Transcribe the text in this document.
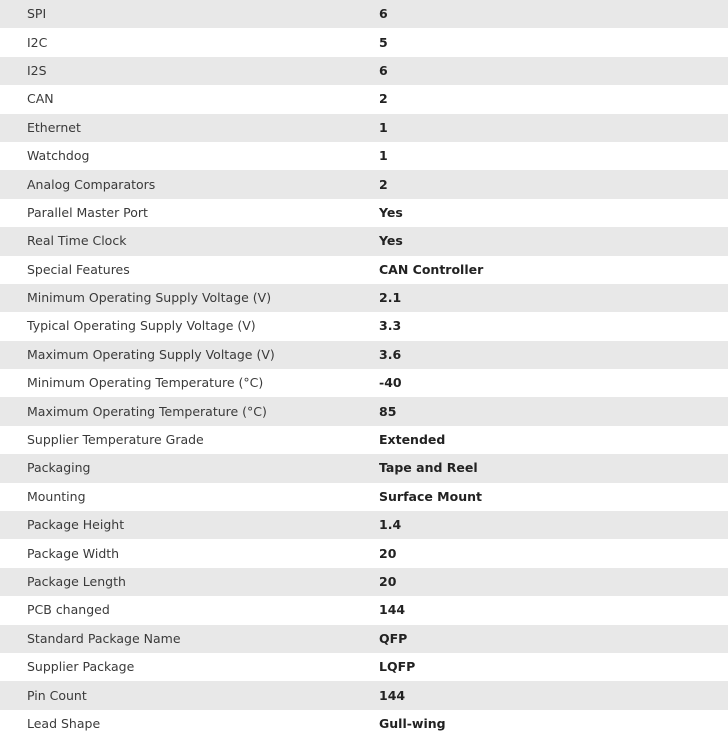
SPI	6
I2C	5
I2S	6
CAN	2
Ethernet	1
Watchdog	1
Analog Comparators	2
Parallel Master Port	Yes
Real Time Clock	Yes
Special Features	CAN Controller
Minimum Operating Supply Voltage (V)	2.1
Typical Operating Supply Voltage (V)	3.3
Maximum Operating Supply Voltage (V)	3.6
Minimum Operating Temperature (°C)	-40
Maximum Operating Temperature (°C)	85
Supplier Temperature Grade	Extended
Packaging	Tape and Reel
Mounting	Surface Mount
Package Height	1.4
Package Width	20
Package Length	20
PCB changed	144
Standard Package Name	QFP
Supplier Package	LQFP
Pin Count	144
Lead Shape	Gull-wing
